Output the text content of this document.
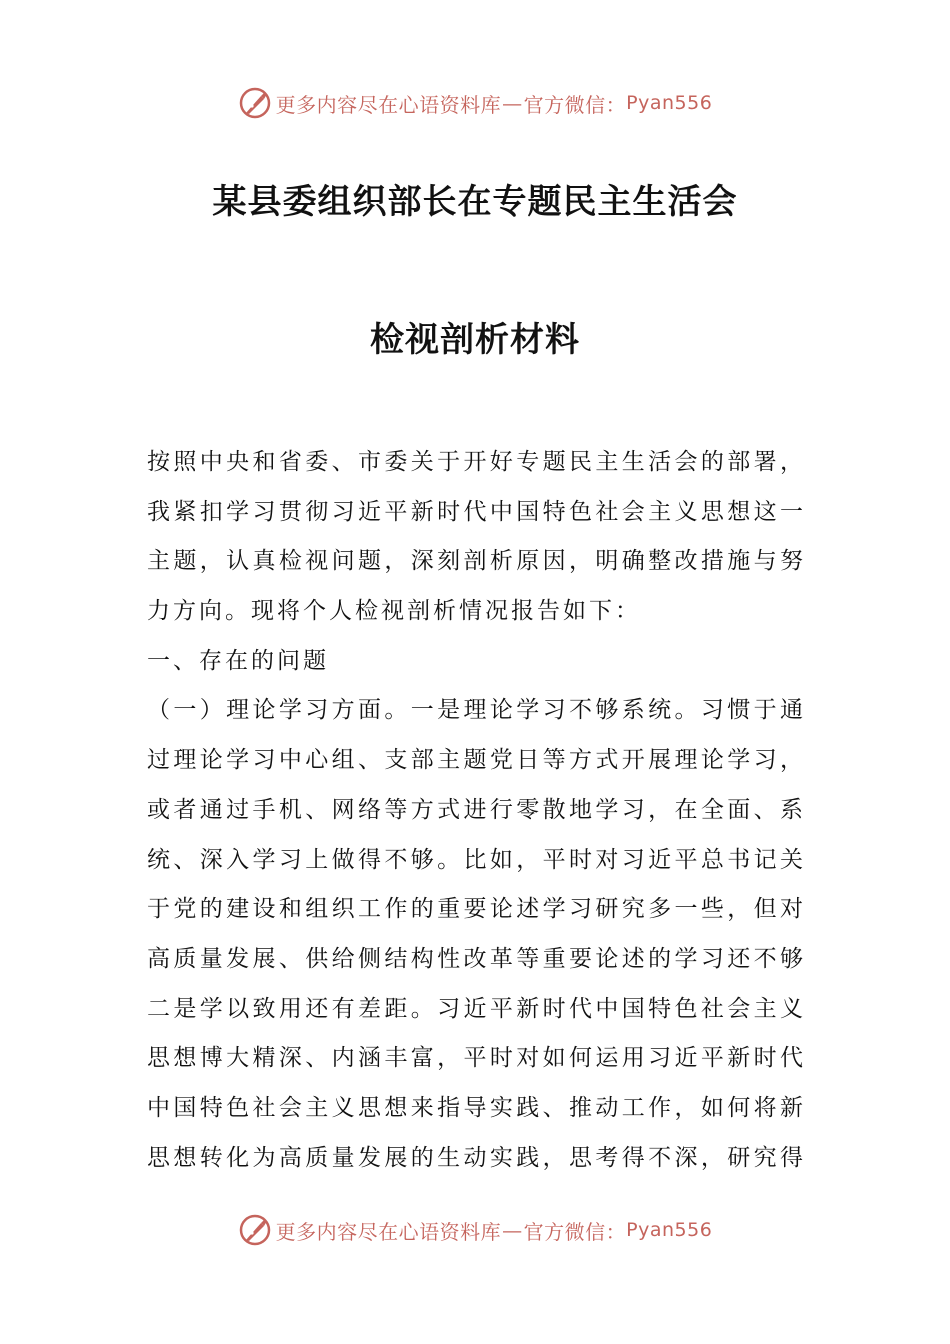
更多内容尽在心语资料库 — 官方微信： Pyan556
某县委组织部长在专题民主生活会
检视剖析材料
按照中央和省委、市委关于开好专题民主生活会的部署，
我紧扣学习贯彻习近平新时代中国特色社会主义思想这一
主题，认真检视问题，深刻剖析原因，明确整改措施与努
力方向。现将个人检视剖析情况报告如下：
一、存在的问题
（一）理论学习方面。一是理论学习不够系统。习惯于通
过理论学习中心组、支部主题党日等方式开展理论学习，
或者通过手机、网络等方式进行零散地学习，在全面、系
统、深入学习上做得不够。比如，平时对习近平总书记关
于党的建设和组织工作的重要论述学习研究多一些，但对
高质量发展、供给侧结构性改革等重要论述的学习还不够
二是学以致用还有差距。习近平新时代中国特色社会主义
思想博大精深、内涵丰富，平时对如何运用习近平新时代
中国特色社会主义思想来指导实践、推动工作，如何将新
思想转化为高质量发展的生动实践，思考得不深，研究得
更多内容尽在心语资料库 — 官方微信： Pyan556
